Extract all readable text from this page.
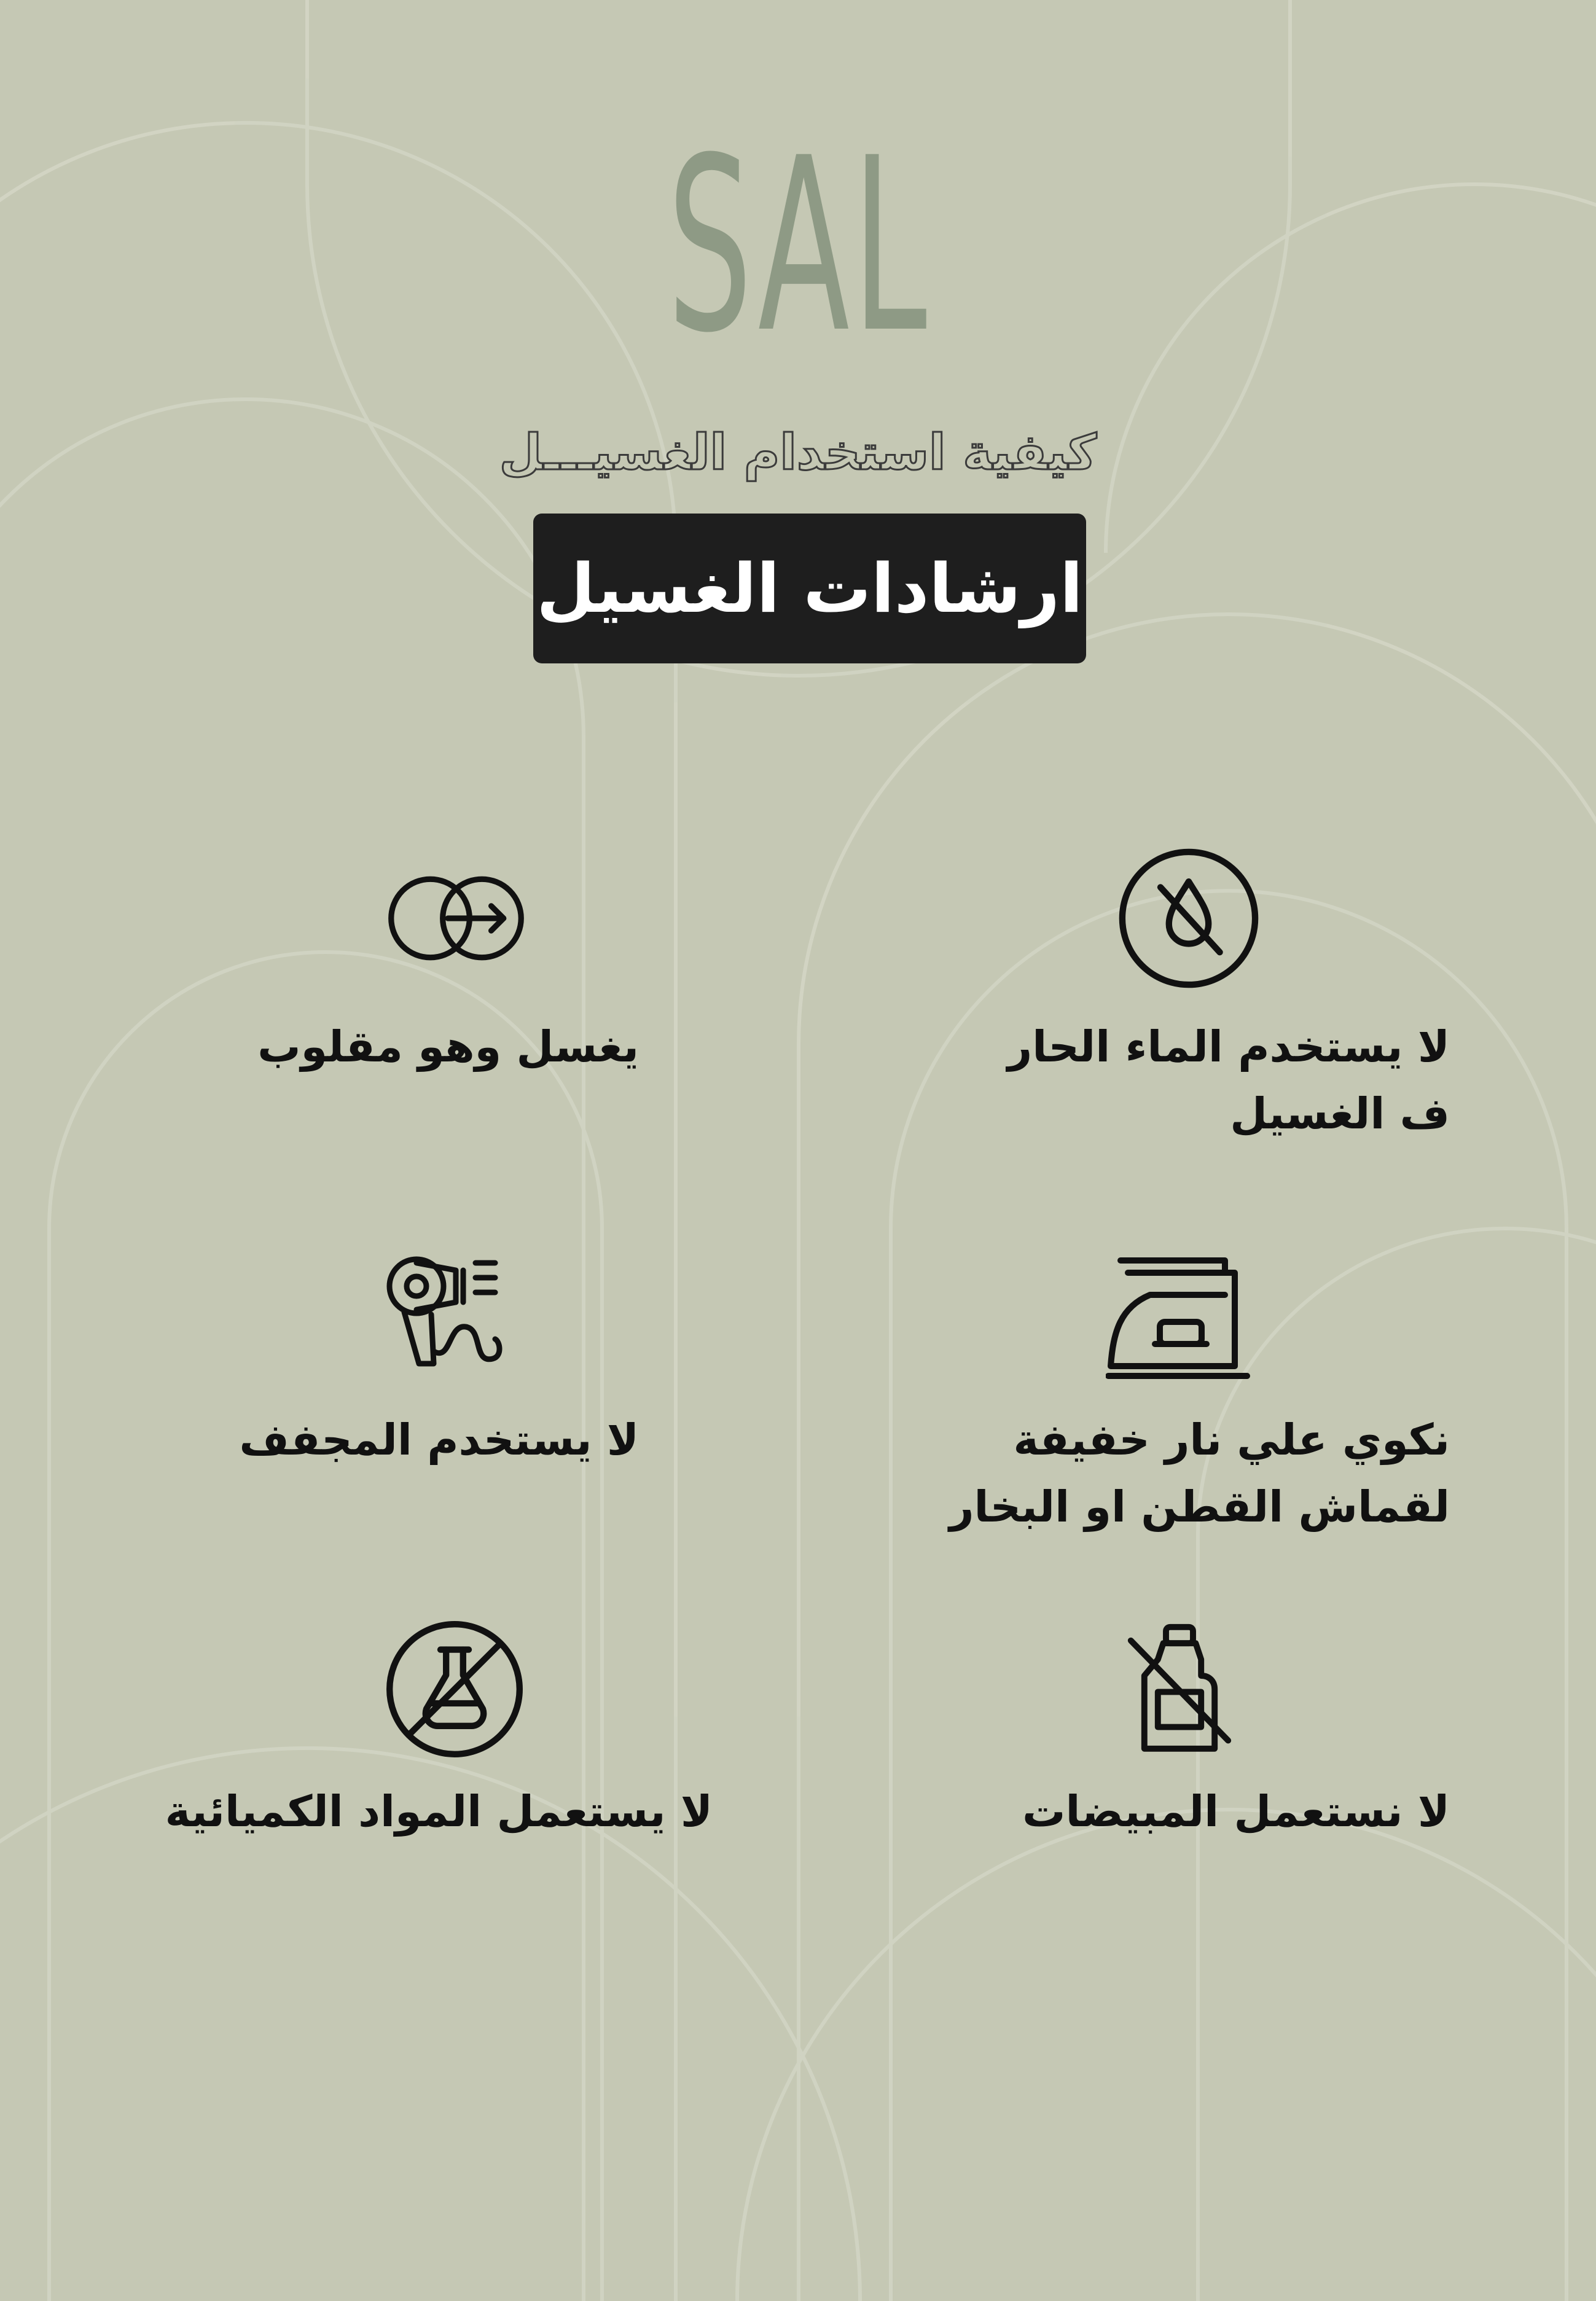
SAL
كيفية استخدام الغسيـــل
ارشادات الغسيل
لا يستخدم الماء الحار ف الغسيل
يغسل وهو مقلوب
نكوي علي نار خفيفة لقماش القطن او البخار
لا يستخدم المجفف
لا نستعمل المبيضات
لا يستعمل المواد الكميائية
